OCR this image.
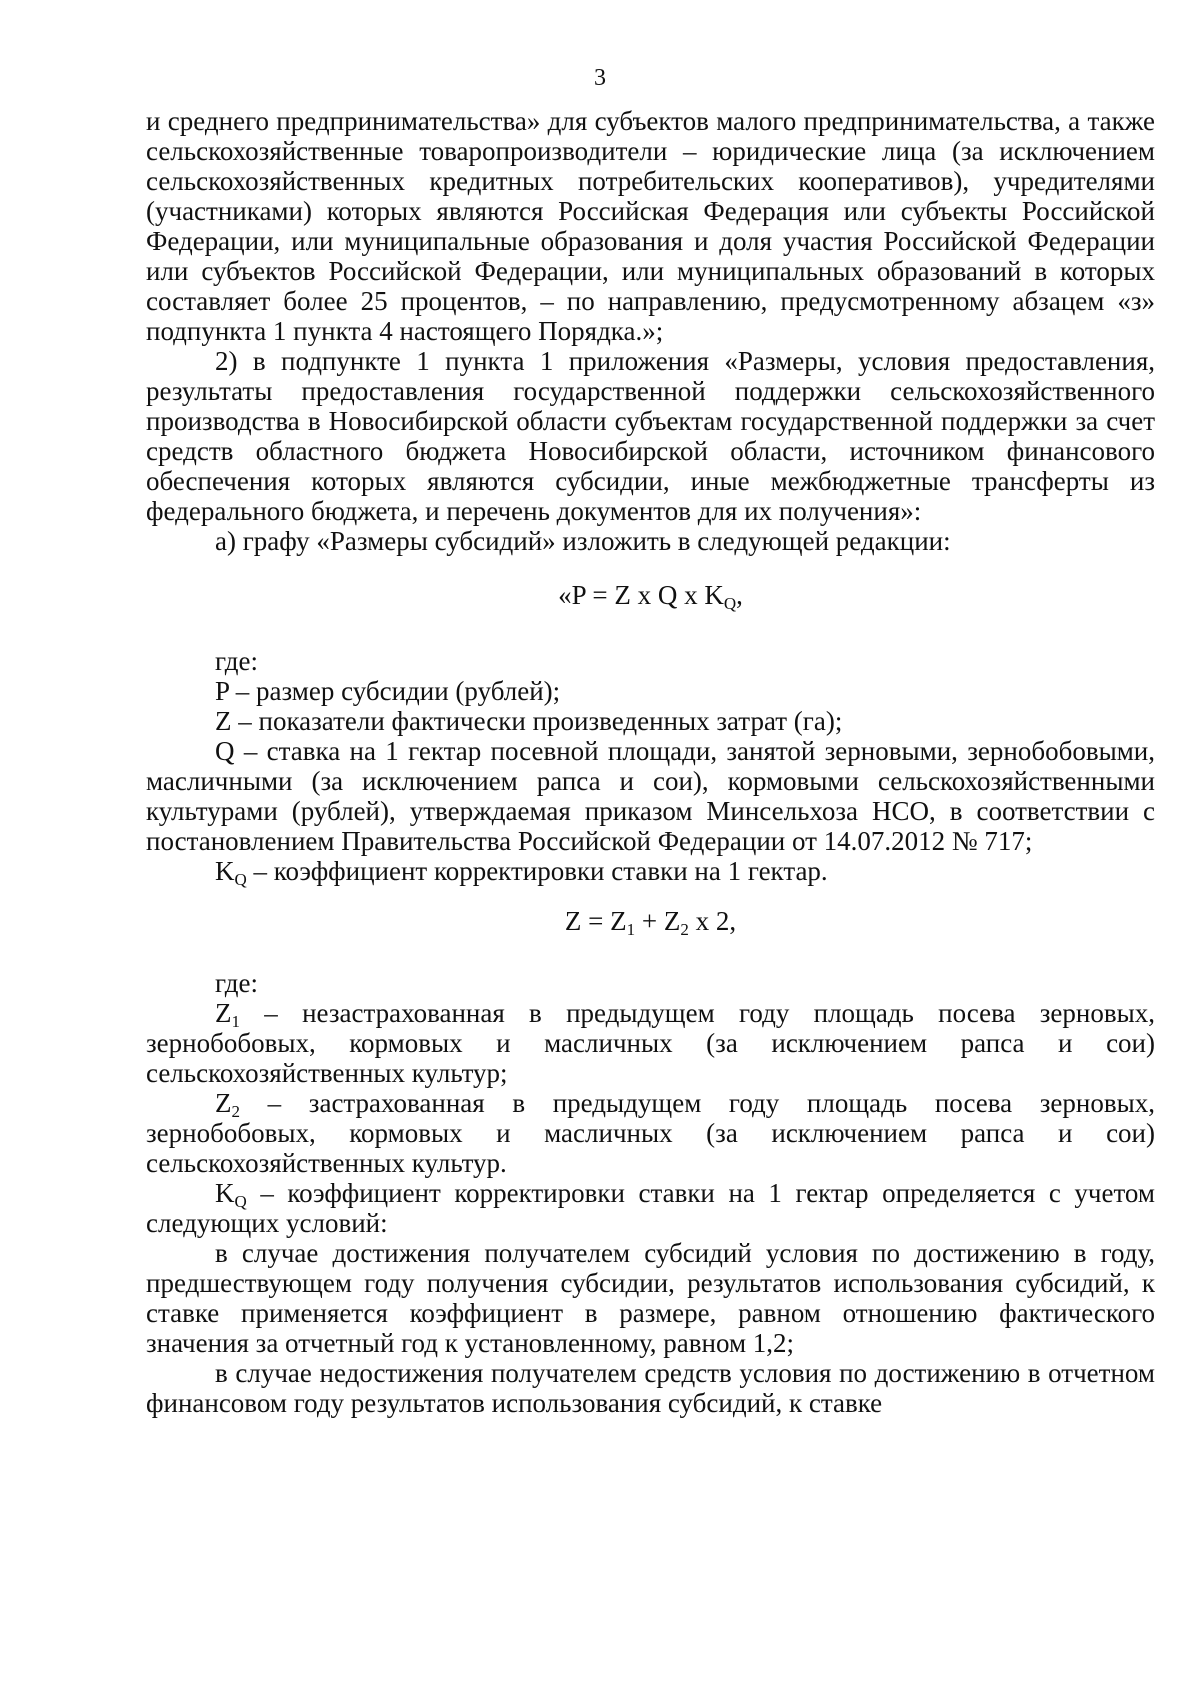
3

и среднего предпринимательства» для субъектов малого предпринимательства, а также сельскохозяйственные товаропроизводители – юридические лица (за исключением сельскохозяйственных кредитных потребительских кооперативов), учредителями (участниками) которых являются Российская Федерация или субъекты Российской Федерации, или муниципальные образования и доля участия Российской Федерации или субъектов Российской Федерации, или муниципальных образований в которых составляет более 25 процентов, – по направлению, предусмотренному абзацем «з» подпункта 1 пункта 4 настоящего Порядка.»;

2) в подпункте 1 пункта 1 приложения «Размеры, условия предоставления, результаты предоставления государственной поддержки сельскохозяйственного производства в Новосибирской области субъектам государственной поддержки за счет средств областного бюджета Новосибирской области, источником финансового обеспечения которых являются субсидии, иные межбюджетные трансферты из федерального бюджета, и перечень документов для их получения»:

а) графу «Размеры субсидий» изложить в следующей редакции:

«P = Z x Q x $K_Q$,

где:

P – размер субсидии (рублей);

Z – показатели фактически произведенных затрат (га);

Q – ставка на 1 гектар посевной площади, занятой зерновыми, зернобобовыми, масличными (за исключением рапса и сои), кормовыми сельскохозяйственными культурами (рублей), утверждаемая приказом Минсельхоза НСО, в соответствии с постановлением Правительства Российской Федерации от 14.07.2012 № 717;

$K_Q$ – коэффициент корректировки ставки на 1 гектар.

$Z = Z_1 + Z_2$ x 2,

где:

$Z_1$ – незастрахованная в предыдущем году площадь посева зерновых, зернобобовых, кормовых и масличных (за исключением рапса и сои) сельскохозяйственных культур;

$Z_2$ – застрахованная в предыдущем году площадь посева зерновых, зернобобовых, кормовых и масличных (за исключением рапса и сои) сельскохозяйственных культур.

$K_Q$ – коэффициент корректировки ставки на 1 гектар определяется с учетом следующих условий:

в случае достижения получателем субсидий условия по достижению в году, предшествующем году получения субсидии, результатов использования субсидий, к ставке применяется коэффициент в размере, равном отношению фактического значения за отчетный год к установленному, равном 1,2;

в случае недостижения получателем средств условия по достижению в отчетном финансовом году результатов использования субсидий, к ставке
